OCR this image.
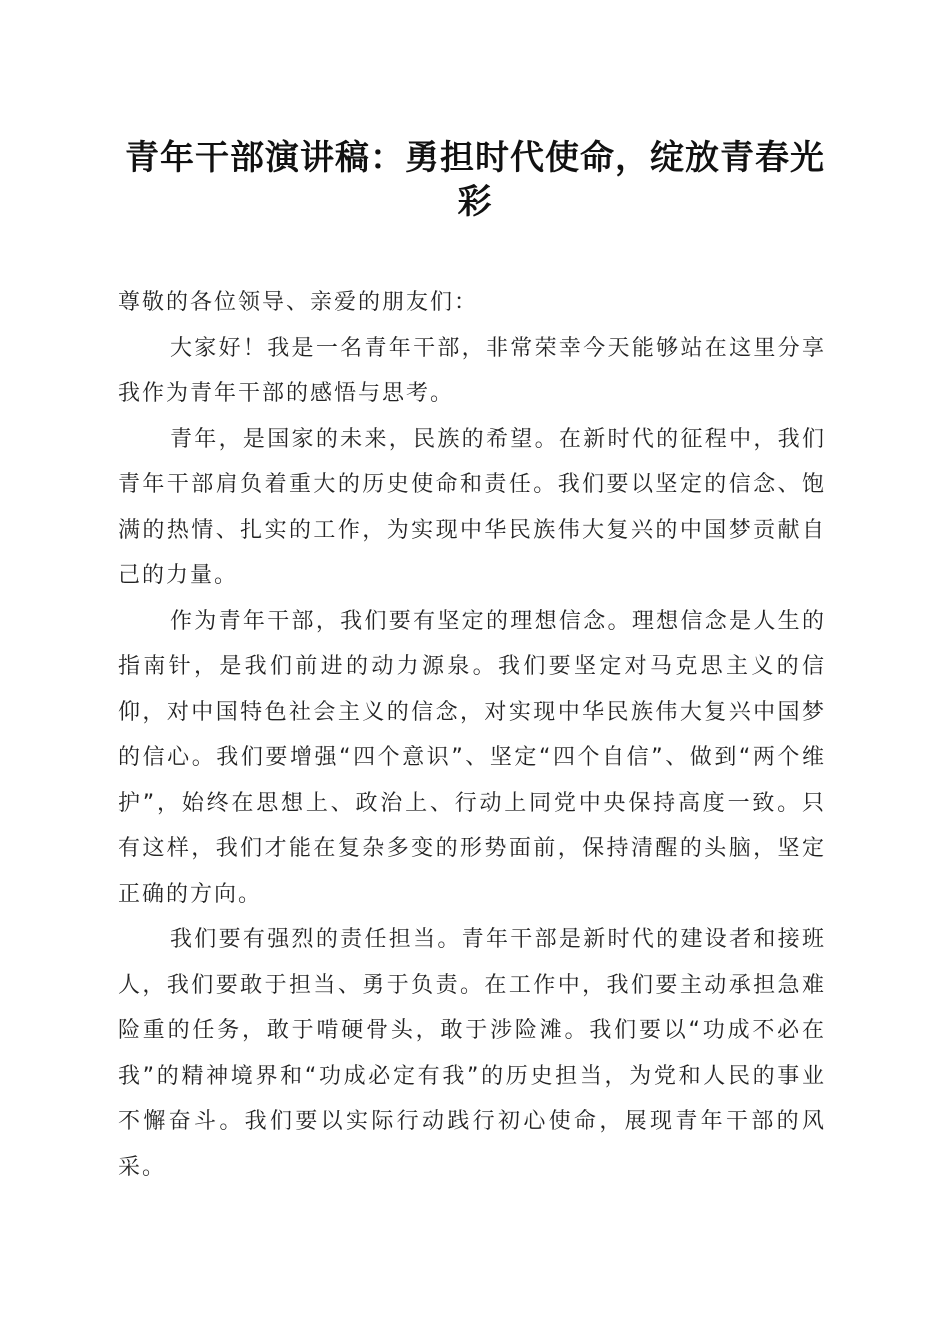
青年干部演讲稿：勇担时代使命，绽放青春光彩

尊敬的各位领导、亲爱的朋友们：

大家好！我是一名青年干部，非常荣幸今天能够站在这里分享我作为青年干部的感悟与思考。

青年，是国家的未来，民族的希望。在新时代的征程中，我们青年干部肩负着重大的历史使命和责任。我们要以坚定的信念、饱满的热情、扎实的工作，为实现中华民族伟大复兴的中国梦贡献自己的力量。

作为青年干部，我们要有坚定的理想信念。理想信念是人生的指南针，是我们前进的动力源泉。我们要坚定对马克思主义的信仰，对中国特色社会主义的信念，对实现中华民族伟大复兴中国梦的信心。我们要增强“四个意识”、坚定“四个自信”、做到“两个维护”，始终在思想上、政治上、行动上同党中央保持高度一致。只有这样，我们才能在复杂多变的形势面前，保持清醒的头脑，坚定正确的方向。

我们要有强烈的责任担当。青年干部是新时代的建设者和接班人，我们要敢于担当、勇于负责。在工作中，我们要主动承担急难险重的任务，敢于啃硬骨头，敢于涉险滩。我们要以“功成不必在我”的精神境界和“功成必定有我”的历史担当，为党和人民的事业不懈奋斗。我们要以实际行动践行初心使命，展现青年干部的风采。
